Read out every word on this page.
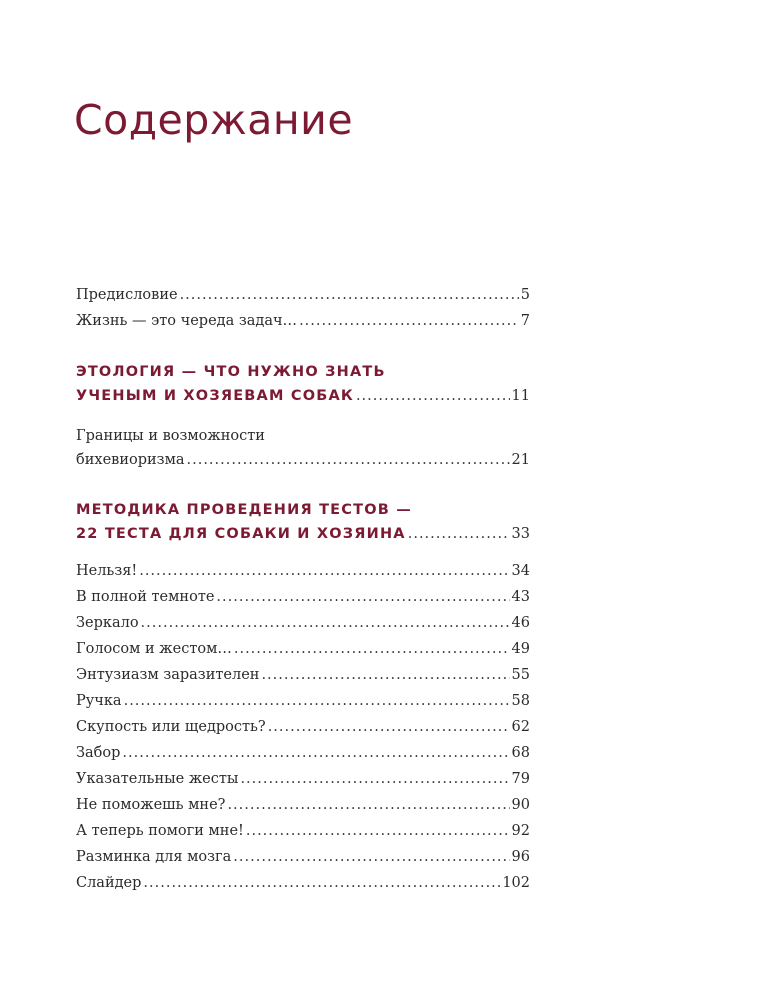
Содержание
Предисловие .....	5
Жизнь — это череда задач… .....	7
ЭТОЛОГИЯ — ЧТО НУЖНО ЗНАТЬ
УЧЕНЫМ И ХОЗЯЕВАМ СОБАК .....	11
Границы и возможности
бихевиоризма .....	21
МЕТОДИКА ПРОВЕДЕНИЯ ТЕСТОВ —
22 ТЕСТА ДЛЯ СОБАКИ И ХОЗЯИНА .....	33
Нельзя! .....	34
В полной темноте .....	43
Зеркало .....	46
Голосом и жестом… .....	49
Энтузиазм заразителен .....	55
Ручка .....	58
Скупость или щедрость? .....	62
Забор .....	68
Указательные жесты .....	79
Не поможешь мне? .....	90
А теперь помоги мне! .....	92
Разминка для мозга .....	96
Слайдер .....	102
